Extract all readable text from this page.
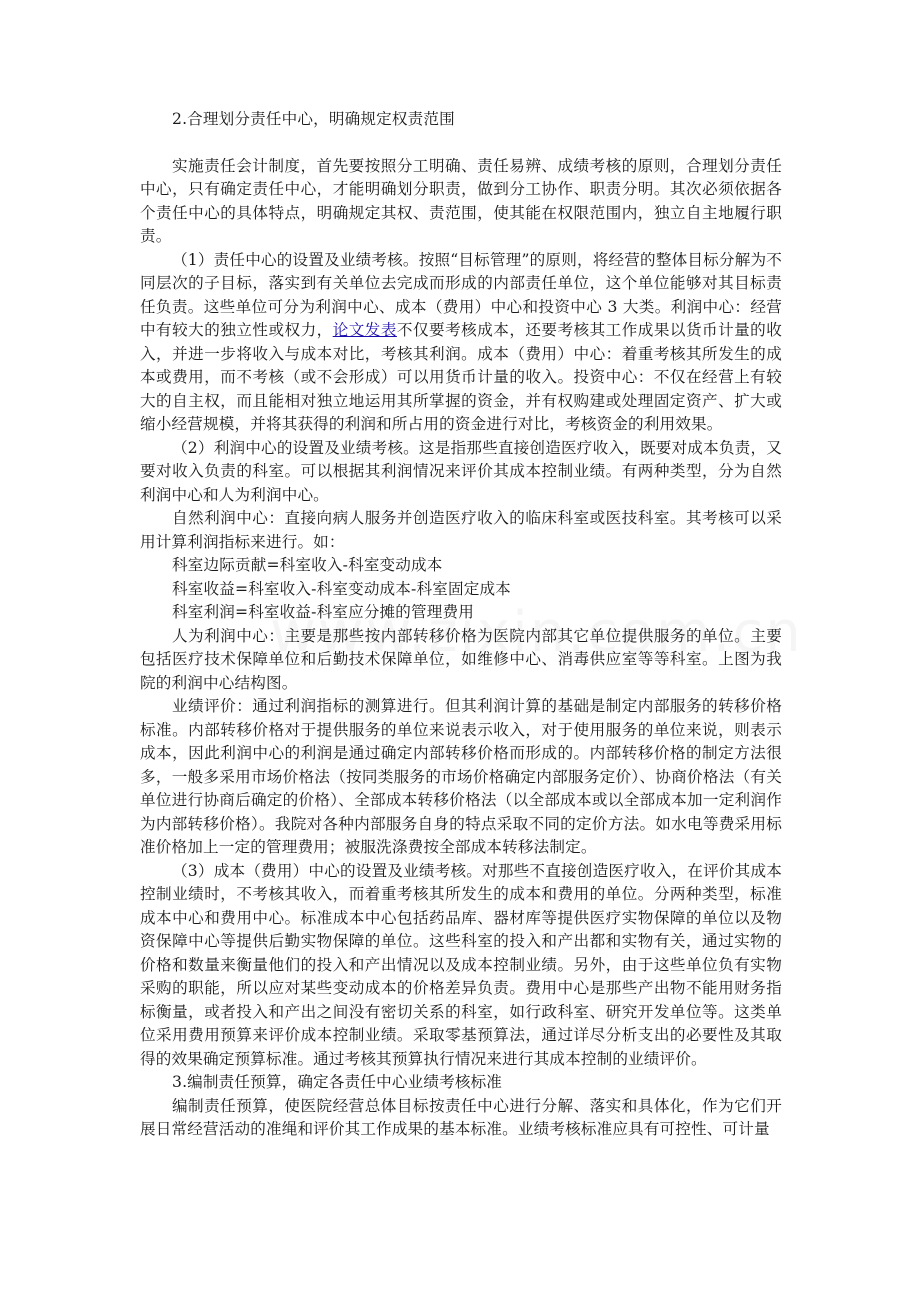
2.合理划分责任中心，明确规定权责范围

实施责任会计制度，首先要按照分工明确、责任易辨、成绩考核的原则，合理划分责任中心，只有确定责任中心，才能明确划分职责，做到分工协作、职责分明。其次必须依据各个责任中心的具体特点，明确规定其权、责范围，使其能在权限范围内，独立自主地履行职责。

（1）责任中心的设置及业绩考核。按照“目标管理”的原则，将经营的整体目标分解为不同层次的子目标，落实到有关单位去完成而形成的内部责任单位，这个单位能够对其目标责任负责。这些单位可分为利润中心、成本（费用）中心和投资中心 3 大类。利润中心：经营中有较大的独立性或权力，论文发表不仅要考核成本，还要考核其工作成果以货币计量的收入，并进一步将收入与成本对比，考核其利润。成本（费用）中心：着重考核其所发生的成本或费用，而不考核（或不会形成）可以用货币计量的收入。投资中心：不仅在经营上有较大的自主权，而且能相对独立地运用其所掌握的资金，并有权购建或处理固定资产、扩大或缩小经营规模，并将其获得的利润和所占用的资金进行对比，考核资金的利用效果。

（2）利润中心的设置及业绩考核。这是指那些直接创造医疗收入，既要对成本负责，又要对收入负责的科室。可以根据其利润情况来评价其成本控制业绩。有两种类型，分为自然利润中心和人为利润中心。

自然利润中心：直接向病人服务并创造医疗收入的临床科室或医技科室。其考核可以采用计算利润指标来进行。如：

科室边际贡献=科室收入-科室变动成本

科室收益=科室收入-科室变动成本-科室固定成本

科室利润=科室收益-科室应分摊的管理费用

人为利润中心：主要是那些按内部转移价格为医院内部其它单位提供服务的单位。主要包括医疗技术保障单位和后勤技术保障单位，如维修中心、消毒供应室等等科室。上图为我院的利润中心结构图。

业绩评价：通过利润指标的测算进行。但其利润计算的基础是制定内部服务的转移价格标准。内部转移价格对于提供服务的单位来说表示收入，对于使用服务的单位来说，则表示成本，因此利润中心的利润是通过确定内部转移价格而形成的。内部转移价格的制定方法很多，一般多采用市场价格法（按同类服务的市场价格确定内部服务定价）、协商价格法（有关单位进行协商后确定的价格）、全部成本转移价格法（以全部成本或以全部成本加一定利润作为内部转移价格）。我院对各种内部服务自身的特点采取不同的定价方法。如水电等费采用标准价格加上一定的管理费用；被服洗涤费按全部成本转移法制定。

（3）成本（费用）中心的设置及业绩考核。对那些不直接创造医疗收入，在评价其成本控制业绩时，不考核其收入，而着重考核其所发生的成本和费用的单位。分两种类型，标准成本中心和费用中心。标准成本中心包括药品库、器材库等提供医疗实物保障的单位以及物资保障中心等提供后勤实物保障的单位。这些科室的投入和产出都和实物有关，通过实物的价格和数量来衡量他们的投入和产出情况以及成本控制业绩。另外，由于这些单位负有实物采购的职能，所以应对某些变动成本的价格差异负责。费用中心是那些产出物不能用财务指标衡量，或者投入和产出之间没有密切关系的科室，如行政科室、研究开发单位等。这类单位采用费用预算来评价成本控制业绩。采取零基预算法，通过详尽分析支出的必要性及其取得的效果确定预算标准。通过考核其预算执行情况来进行其成本控制的业绩评价。

3.编制责任预算，确定各责任中心业绩考核标准

编制责任预算，使医院经营总体目标按责任中心进行分解、落实和具体化，作为它们开展日常经营活动的准绳和评价其工作成果的基本标准。业绩考核标准应具有可控性、可计量
